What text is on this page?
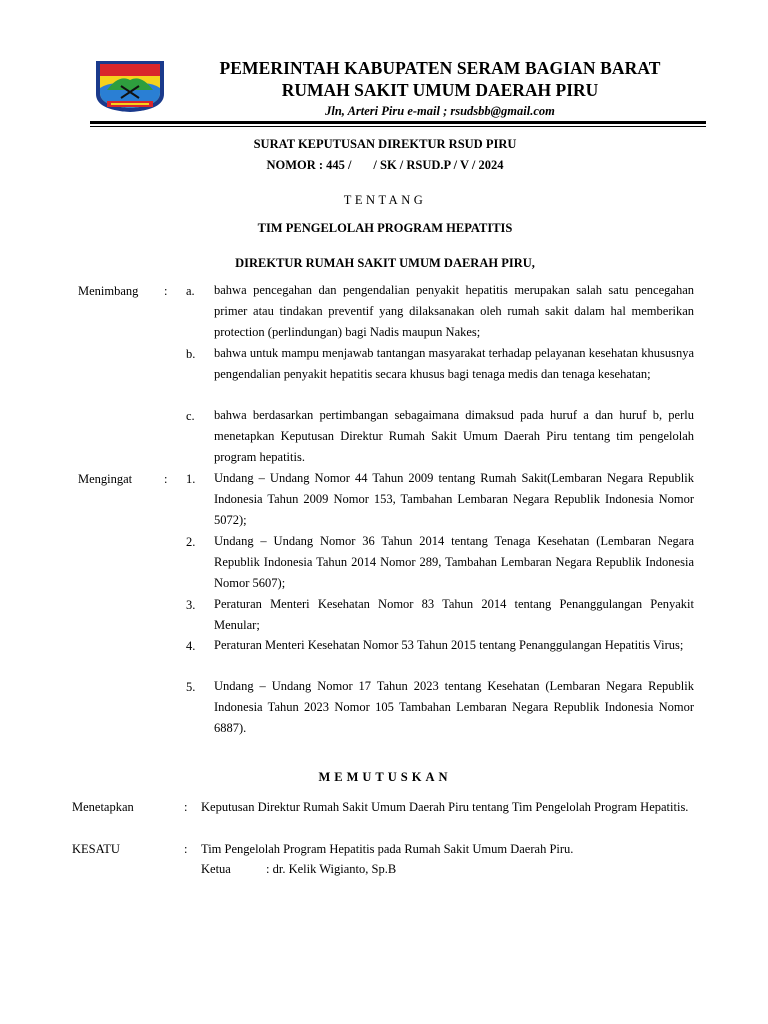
PEMERINTAH KABUPATEN SERAM BAGIAN BARAT
RUMAH SAKIT UMUM DAERAH PIRU
Jln, Arteri Piru e-mail ; rsudsbb@gmail.com
SURAT KEPUTUSAN DIREKTUR RSUD PIRU
NOMOR : 445 /       / SK / RSUD.P / V / 2024
TENTANG
TIM PENGELOLAH PROGRAM HEPATITIS
DIREKTUR RUMAH SAKIT UMUM DAERAH PIRU,
Menimbang : a. bahwa pencegahan dan pengendalian penyakit hepatitis merupakan salah satu pencegahan primer atau tindakan preventif yang dilaksanakan oleh rumah sakit dalam hal memberikan protection (perlindungan) bagi Nadis maupun Nakes;
b. bahwa untuk mampu menjawab tantangan masyarakat terhadap pelayanan kesehatan khususnya pengendalian penyakit hepatitis secara khusus bagi tenaga medis dan tenaga kesehatan;
c. bahwa berdasarkan pertimbangan sebagaimana dimaksud pada huruf a dan huruf b, perlu menetapkan Keputusan Direktur Rumah Sakit Umum Daerah Piru tentang tim pengelolah program hepatitis.
Mengingat	: 1. Undang – Undang Nomor 44 Tahun 2009 tentang Rumah Sakit(Lembaran Negara Republik Indonesia Tahun 2009 Nomor 153, Tambahan Lembaran Negara Republik Indonesia Nomor 5072);
2. Undang – Undang Nomor 36 Tahun 2014 tentang Tenaga Kesehatan (Lembaran Negara Republik Indonesia Tahun 2014 Nomor 289, Tambahan Lembaran Negara Republik Indonesia Nomor 5607);
3. Peraturan Menteri Kesehatan Nomor 83 Tahun 2014 tentang Penanggulangan Penyakit Menular;
4. Peraturan Menteri Kesehatan Nomor 53 Tahun 2015 tentang Penanggulangan Hepatitis Virus;
5. Undang – Undang Nomor 17 Tahun 2023 tentang Kesehatan (Lembaran Negara Republik Indonesia Tahun 2023 Nomor 105 Tambahan Lembaran Negara Republik Indonesia Nomor 6887).
MEMUTUSKAN
Menetapkan	: Keputusan Direktur Rumah Sakit Umum Daerah Piru tentang Tim Pengelolah Program Hepatitis.
KESATU	: Tim Pengelolah Program Hepatitis pada Rumah Sakit Umum Daerah Piru.
Ketua	: dr. Kelik Wigianto, Sp.B
